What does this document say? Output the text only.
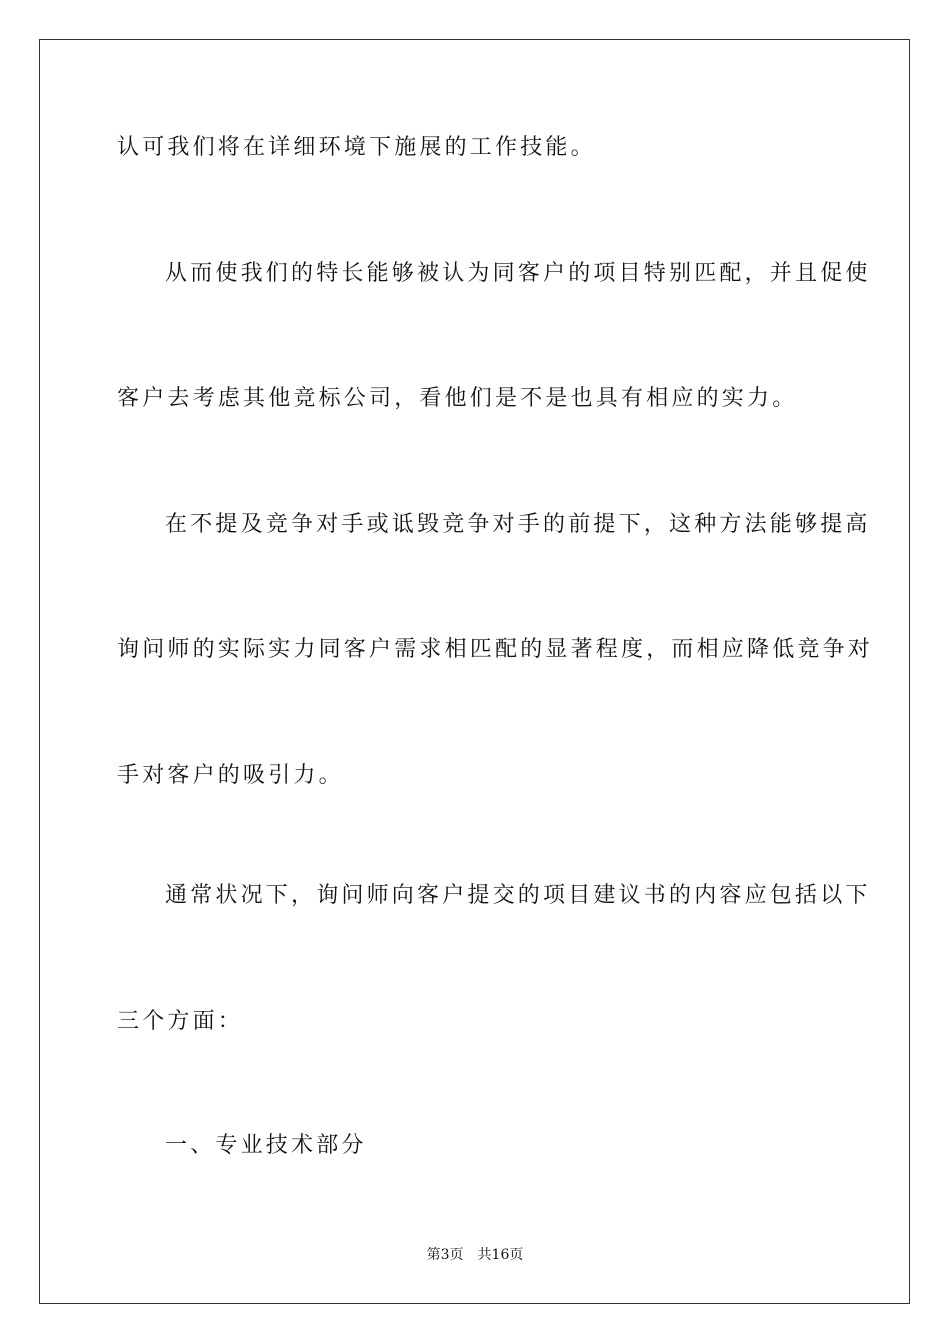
认可我们将在详细环境下施展的工作技能。
从而使我们的特长能够被认为同客户的项目特别匹配，并且促使
客户去考虑其他竞标公司，看他们是不是也具有相应的实力。
在不提及竞争对手或诋毁竞争对手的前提下，这种方法能够提高
询问师的实际实力同客户需求相匹配的显著程度，而相应降低竞争对
手对客户的吸引力。
通常状况下，询问师向客户提交的项目建议书的内容应包括以下
三个方面：
一、专业技术部分
第3页 共16页
